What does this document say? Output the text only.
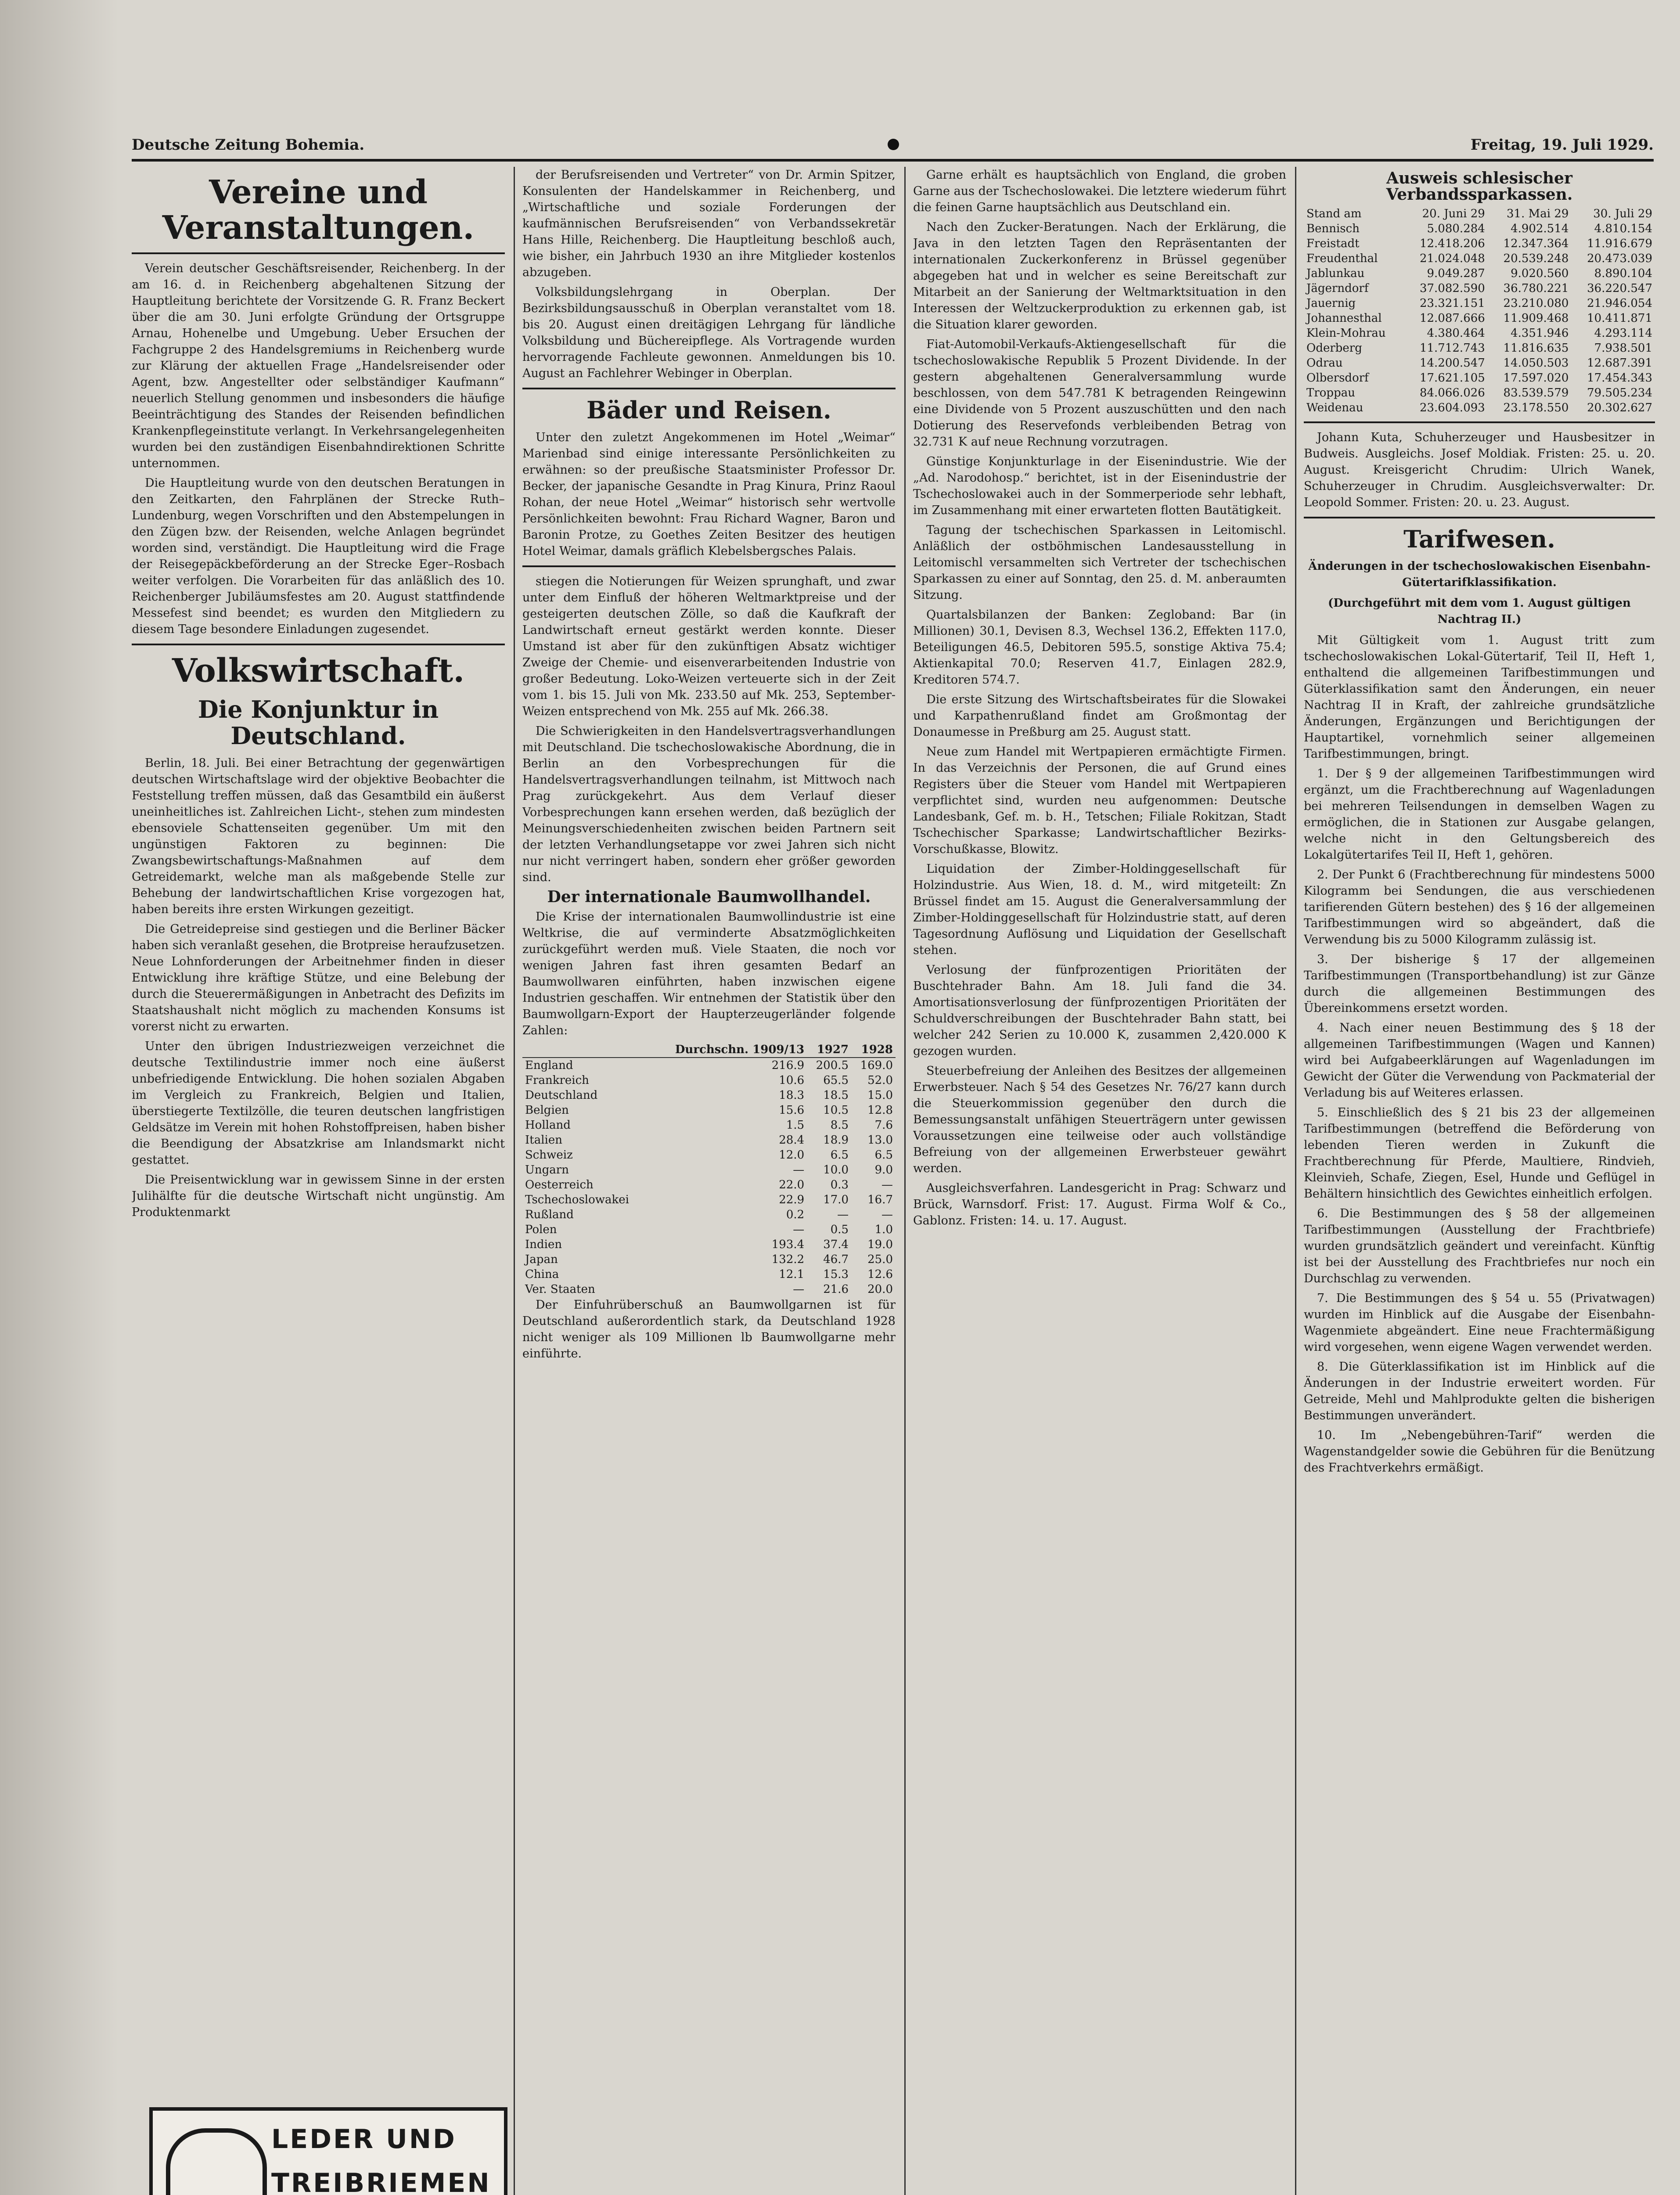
Deutsche Zeitung Bohemia.	Freitag, 19. Juli 1929.
Vereine und Veranstaltungen.

Verein deutscher Geschäftsreisender, Reichenberg. In der am 16. d. in Reichenberg abgehaltenen Sitzung der Hauptleitung berichtete der Vorsitzende G. R. Franz Beckert über die am 30. Juni erfolgte Gründung der Ortsgruppe Arnau, Hohenelbe und Umgebung. Ueber Ersuchen der Fachgruppe 2 des Handelsgremiums in Reichenberg wurde zur Klärung der aktuellen Frage „Handelsreisender oder Agent, bzw. Angestellter oder selbständiger Kaufmann“ neuerlich Stellung genommen und insbesonders die häufige Beeinträchtigung des Standes der Reisenden befindlichen Krankenpflegeinstitute verlangt. In Verkehrsangelegenheiten wurden bei den zuständigen Eisenbahndirektionen Schritte unternommen.

Die Hauptleitung wurde von den deutschen Beratungen in den Zeitkarten, den Fahrplänen der Strecke Ruth–Lundenburg, wegen Vorschriften und den Abstempelungen in den Zügen bzw. der Reisenden, welche Anlagen begründet worden sind, verständigt. Die Hauptleitung wird die Frage der Reisegepäckbeförderung an der Strecke Eger–Rosbach weiter verfolgen. Die Vorarbeiten für das anläßlich des 10. Reichenberger Jubiläumsfestes am 20. August stattfindende Messefest sind beendet; es wurden den Mitgliedern zu diesem Tage besondere Einladungen zugesendet.

Volkswirtschaft.
Die Konjunktur in Deutschland.

Berlin, 18. Juli. Bei einer Betrachtung der gegenwärtigen deutschen Wirtschaftslage wird der objektive Beobachter die Feststellung treffen müssen, daß das Gesamtbild ein äußerst uneinheitliches ist. Zahlreichen Licht-, stehen zum mindesten ebensoviele Schattenseiten gegenüber. Um mit den ungünstigen Faktoren zu beginnen: Die Zwangsbewirtschaftungs-Maßnahmen auf dem Getreidemarkt, welche man als maßgebende Stelle zur Behebung der landwirtschaftlichen Krise vorgezogen hat, haben bereits ihre ersten Wirkungen gezeitigt.

Die Getreidepreise sind gestiegen und die Berliner Bäcker haben sich veranlaßt gesehen, die Brotpreise heraufzusetzen. Neue Lohnforderungen der Arbeitnehmer finden in dieser Entwicklung ihre kräftige Stütze, und eine Belebung der durch die Steuerermäßigungen in Anbetracht des Defizits im Staatshaushalt nicht möglich zu machenden Konsums ist vorerst nicht zu erwarten.

Unter den übrigen Industriezweigen verzeichnet die deutsche Textilindustrie immer noch eine äußerst unbefriedigende Entwicklung. Die hohen sozialen Abgaben im Vergleich zu Frankreich, Belgien und Italien, überstiegerte Textilzölle, die teuren deutschen langfristigen Geldsätze im Verein mit hohen Rohstoffpreisen, haben bisher die Beendigung der Absatzkrise am Inlandsmarkt nicht gestattet.

Die Preisentwicklung war in gewissem Sinne in der ersten Julihälfte für die deutsche Wirtschaft nicht ungünstig. Am Produktenmarkt

der Berufsreisenden und Vertreter“ von Dr. Armin Spitzer, Konsulenten der Handelskammer in Reichenberg, und „Wirtschaftliche und soziale Forderungen der kaufmännischen Berufsreisenden“ von Verbandssekretär Hans Hille, Reichenberg. Die Hauptleitung beschloß auch, wie bisher, ein Jahrbuch 1930 an ihre Mitglieder kostenlos abzugeben.

Volksbildungslehrgang in Oberplan. Der Bezirksbildungsausschuß in Oberplan veranstaltet vom 18. bis 20. August einen dreitägigen Lehrgang für ländliche Volksbildung und Büchereipflege. Als Vortragende wurden hervorragende Fachleute gewonnen. Anmeldungen bis 10. August an Fachlehrer Webinger in Oberplan.

Bäder und Reisen.

Unter den zuletzt Angekommenen im Hotel „Weimar“ Marienbad sind einige interessante Persönlichkeiten zu erwähnen: so der preußische Staatsminister Professor Dr. Becker, der japanische Gesandte in Prag Kinura, Prinz Raoul Rohan, der neue Hotel „Weimar“ historisch sehr wertvolle Persönlichkeiten bewohnt: Frau Richard Wagner, Baron und Baronin Protze, zu Goethes Zeiten Besitzer des heutigen Hotel Weimar, damals gräflich Klebelsbergsches Palais.

stiegen die Notierungen für Weizen sprunghaft, und zwar unter dem Einfluß der höheren Weltmarktpreise und der gesteigerten deutschen Zölle, so daß die Kaufkraft der Landwirtschaft erneut gestärkt werden konnte. Dieser Umstand ist aber für den zukünftigen Absatz wichtiger Zweige der Chemie- und eisenverarbeitenden Industrie von großer Bedeutung. Loko-Weizen verteuerte sich in der Zeit vom 1. bis 15. Juli von Mk. 233.50 auf Mk. 253, September-Weizen entsprechend von Mk. 255 auf Mk. 266.38.

Die Schwierigkeiten in den Handelsvertragsverhandlungen mit Deutschland. Die tschechoslowakische Abordnung, die in Berlin an den Vorbesprechungen für die Handelsvertragsverhandlungen teilnahm, ist Mittwoch nach Prag zurückgekehrt. Aus dem Verlauf dieser Vorbesprechungen kann ersehen werden, daß bezüglich der Meinungsverschiedenheiten zwischen beiden Partnern seit der letzten Verhandlungsetappe vor zwei Jahren sich nicht nur nicht verringert haben, sondern eher größer geworden sind.

Der internationale Baumwollhandel.

Die Krise der internationalen Baumwollindustrie ist eine Weltkrise, die auf verminderte Absatzmöglichkeiten zurückgeführt werden muß. Viele Staaten, die noch vor wenigen Jahren fast ihren gesamten Bedarf an Baumwollwaren einführten, haben inzwischen eigene Industrien geschaffen. Wir entnehmen der Statistik über den Baumwollgarn-Export der Haupterzeugerländer folgende Zahlen:

	Durchschn. 1909/13	1927	1928
England	216.9	200.5	169.0
Frankreich	10.6	65.5	52.0
Deutschland	18.3	18.5	15.0
Belgien	15.6	10.5	12.8
Holland	1.5	8.5	7.6
Italien	28.4	18.9	13.0
Schweiz	12.0	6.5	6.5
Ungarn	—	10.0	9.0
Oesterreich	22.0	0.3	—
Tschechoslowakei	22.9	17.0	16.7
Rußland	0.2	—	—
Polen	—	0.5	1.0
Indien	193.4	37.4	19.0
Japan	132.2	46.7	25.0
China	12.1	15.3	12.6
Ver. Staaten	—	21.6	20.0

Der Einfuhrüberschuß an Baumwollgarnen ist für Deutschland außerordentlich stark, da Deutschland 1928 nicht weniger als 109 Millionen lb Baumwollgarne mehr einführte.

Garne erhält es hauptsächlich von England, die groben Garne aus der Tschechoslowakei. Die letztere wiederum führt die feinen Garne hauptsächlich aus Deutschland ein.

Nach den Zucker-Beratungen. Nach der Erklärung, die Java in den letzten Tagen den Repräsentanten der internationalen Zuckerkonferenz in Brüssel gegenüber abgegeben hat und in welcher es seine Bereitschaft zur Mitarbeit an der Sanierung der Weltmarktsituation in den Interessen der Weltzuckerproduktion zu erkennen gab, ist die Situation klarer geworden.

Fiat-Automobil-Verkaufs-Aktiengesellschaft für die tschechoslowakische Republik 5 Prozent Dividende. In der gestern abgehaltenen Generalversammlung wurde beschlossen, von dem 547.781 K betragenden Reingewinn eine Dividende von 5 Prozent auszuschütten und den nach Dotierung des Reservefonds verbleibenden Betrag von 32.731 K auf neue Rechnung vorzutragen.

Günstige Konjunkturlage in der Eisenindustrie. Wie der „Ad. Narodohosp.“ berichtet, ist in der Eisenindustrie der Tschechoslowakei auch in der Sommerperiode sehr lebhaft, im Zusammenhang mit einer erwarteten flotten Bautätigkeit.

Tagung der tschechischen Sparkassen in Leitomischl. Anläßlich der ostböhmischen Landesausstellung in Leitomischl versammelten sich Vertreter der tschechischen Sparkassen zu einer auf Sonntag, den 25. d. M. anberaumten Sitzung.

Quartalsbilanzen der Banken: Zegloband: Bar (in Millionen) 30.1, Devisen 8.3, Wechsel 136.2, Effekten 117.0, Beteiligungen 46.5, Debitoren 595.5, sonstige Aktiva 75.4; Aktienkapital 70.0; Reserven 41.7, Einlagen 282.9, Kreditoren 574.7.

Die erste Sitzung des Wirtschaftsbeirates für die Slowakei und Karpathenrußland findet am Großmontag der Donaumesse in Preßburg am 25. August statt.

Neue zum Handel mit Wertpapieren ermächtigte Firmen. In das Verzeichnis der Personen, die auf Grund eines Registers über die Steuer vom Handel mit Wertpapieren verpflichtet sind, wurden neu aufgenommen: Deutsche Landesbank, Gef. m. b. H., Tetschen; Filiale Rokitzan, Stadt Tschechischer Sparkasse; Landwirtschaftlicher Bezirks-Vorschußkasse, Blowitz.

Liquidation der Zimber-Holdinggesellschaft für Holzindustrie. Aus Wien, 18. d. M., wird mitgeteilt: Zn Brüssel findet am 15. August die Generalversammlung der Zimber-Holdinggesellschaft für Holzindustrie statt, auf deren Tagesordnung Auflösung und Liquidation der Gesellschaft stehen.

Verlosung der fünfprozentigen Prioritäten der Buschtehrader Bahn. Am 18. Juli fand die 34. Amortisationsverlosung der fünfprozentigen Prioritäten der Schuldverschreibungen der Buschtehrader Bahn statt, bei welcher 242 Serien zu 10.000 K, zusammen 2,420.000 K gezogen wurden.

Steuerbefreiung der Anleihen des Besitzes der allgemeinen Erwerbsteuer. Nach § 54 des Gesetzes Nr. 76/27 kann durch die Steuerkommission gegenüber den durch die Bemessungsanstalt unfähigen Steuerträgern unter gewissen Voraussetzungen eine teilweise oder auch vollständige Befreiung von der allgemeinen Erwerbsteuer gewährt werden.

Ausgleichsverfahren. Landesgericht in Prag: Schwarz und Brück, Warnsdorf. Frist: 17. August. Firma Wolf & Co., Gablonz. Fristen: 14. u. 17. August.

Ausweis schlesischer Verbandssparkassen.
Stand am	20. Juni 29	31. Mai 29	30. Juli 29
Bennisch	5.080.284	4.902.514	4.810.154
Freistadt	12.418.206	12.347.364	11.916.679
Freudenthal	21.024.048	20.539.248	20.473.039
Jablunkau	9.049.287	9.020.560	8.890.104
Jägerndorf	37.082.590	36.780.221	36.220.547
Jauernig	23.321.151	23.210.080	21.946.054
Johannesthal	12.087.666	11.909.468	10.411.871
Klein-Mohrau	4.380.464	4.351.946	4.293.114
Oderberg	11.712.743	11.816.635	7.938.501
Odrau	14.200.547	14.050.503	12.687.391
Olbersdorf	17.621.105	17.597.020	17.454.343
Troppau	84.066.026	83.539.579	79.505.234
Weidenau	23.604.093	23.178.550	20.302.627

Johann Kuta, Schuherzeuger und Hausbesitzer in Budweis. Ausgleichs. Josef Moldiak. Fristen: 25. u. 20. August. Kreisgericht Chrudim: Ulrich Wanek, Schuherzeuger in Chrudim. Ausgleichsverwalter: Dr. Leopold Sommer. Fristen: 20. u. 23. August.

Tarifwesen.
Änderungen in der tschechoslowakischen Eisenbahn-Gütertarifklassifikation.
(Durchgeführt mit dem vom 1. August gültigen Nachtrag II.)

Mit Gültigkeit vom 1. August tritt zum tschechoslowakischen Lokal-Gütertarif, Teil II, Heft 1, enthaltend die allgemeinen Tarifbestimmungen und Güterklassifikation samt den Änderungen, ein neuer Nachtrag II in Kraft, der zahlreiche grundsätzliche Änderungen, Ergänzungen und Berichtigungen der Hauptartikel, vornehmlich seiner allgemeinen Tarifbestimmungen, bringt.

1. Der § 9 der allgemeinen Tarifbestimmungen wird ergänzt, um die Frachtberechnung auf Wagenladungen bei mehreren Teilsendungen in demselben Wagen zu ermöglichen, die in Stationen zur Ausgabe gelangen, welche nicht in den Geltungsbereich des Lokalgütertarifes Teil II, Heft 1, gehören.

2. Der Punkt 6 (Frachtberechnung für mindestens 5000 Kilogramm bei Sendungen, die aus verschiedenen tarifierenden Gütern bestehen) des § 16 der allgemeinen Tarifbestimmungen wird so abgeändert, daß die Verwendung bis zu 5000 Kilogramm zulässig ist.

3. Der bisherige § 17 der allgemeinen Tarifbestimmungen (Transportbehandlung) ist zur Gänze durch die allgemeinen Bestimmungen des Übereinkommens ersetzt worden.

4. Nach einer neuen Bestimmung des § 18 der allgemeinen Tarifbestimmungen (Wagen und Kannen) wird bei Aufgabeerklärungen auf Wagenladungen im Gewicht der Güter die Verwendung von Packmaterial der Verladung bis auf Weiteres erlassen.

5. Einschließlich des § 21 bis 23 der allgemeinen Tarifbestimmungen (betreffend die Beförderung von lebenden Tieren werden in Zukunft die Frachtberechnung für Pferde, Maultiere, Rindvieh, Kleinvieh, Schafe, Ziegen, Esel, Hunde und Geflügel in Behältern hinsichtlich des Gewichtes einheitlich erfolgen.

6. Die Bestimmungen des § 58 der allgemeinen Tarifbestimmungen (Ausstellung der Frachtbriefe) wurden grundsätzlich geändert und vereinfacht. Künftig ist bei der Ausstellung des Frachtbriefes nur noch ein Durchschlag zu verwenden.

7. Die Bestimmungen des § 54 u. 55 (Privatwagen) wurden im Hinblick auf die Ausgabe der Eisenbahn-Wagenmiete abgeändert. Eine neue Frachtermäßigung wird vorgesehen, wenn eigene Wagen verwendet werden.

8. Die Güterklassifikation ist im Hinblick auf die Änderungen in der Industrie erweitert worden. Für Getreide, Mehl und Mahlprodukte gelten die bisherigen Bestimmungen unverändert.

10. Im „Nebengebühren-Tarif“ werden die Wagenstandgelder sowie die Gebühren für die Benützung des Frachtverkehrs ermäßigt.

LEDER UND
TREIBRIEMEN
